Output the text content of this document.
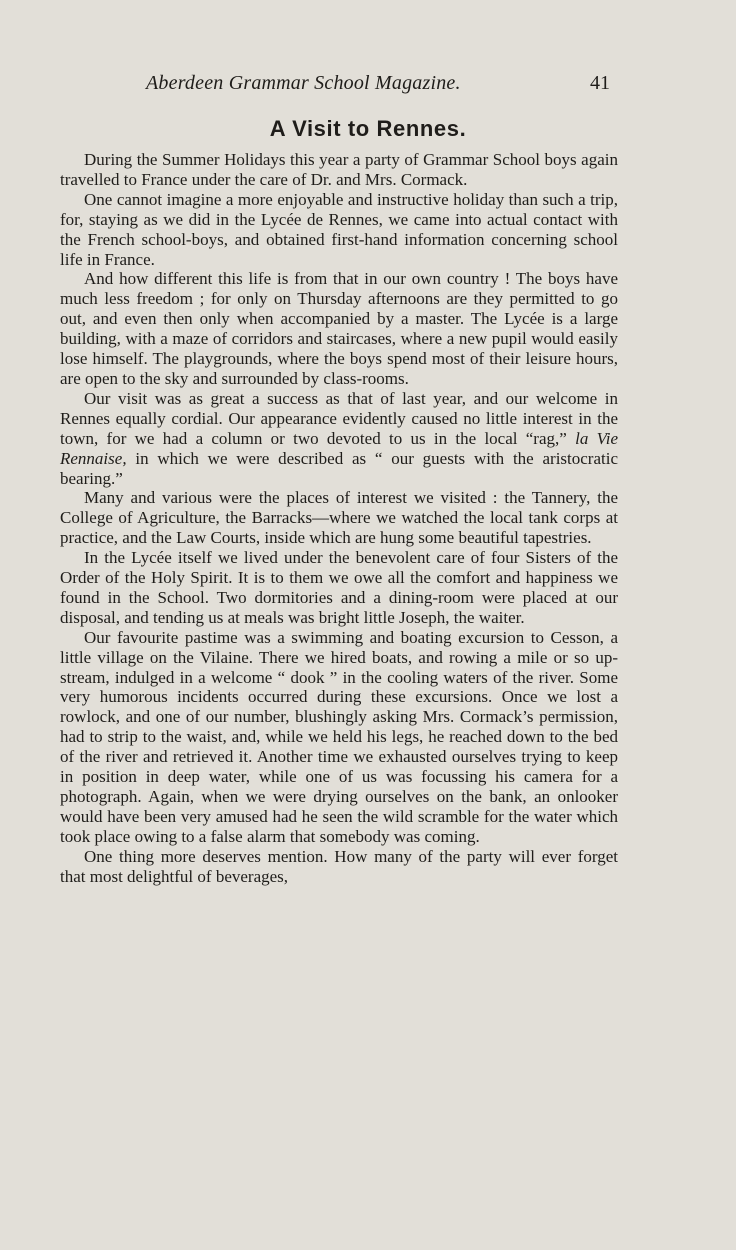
Aberdeen Grammar School Magazine.	41
A Visit to Rennes.

During the Summer Holidays this year a party of Grammar School boys again travelled to France under the care of Dr. and Mrs. Cormack.

One cannot imagine a more enjoyable and instructive holiday than such a trip, for, staying as we did in the Lycée de Rennes, we came into actual contact with the French school-boys, and obtained first-hand information concerning school life in France.

And how different this life is from that in our own country ! The boys have much less freedom ; for only on Thursday afternoons are they permitted to go out, and even then only when accompanied by a master. The Lycée is a large building, with a maze of corridors and staircases, where a new pupil would easily lose himself. The playgrounds, where the boys spend most of their leisure hours, are open to the sky and surrounded by class-rooms.

Our visit was as great a success as that of last year, and our welcome in Rennes equally cordial. Our appearance evidently caused no little interest in the town, for we had a column or two devoted to us in the local “rag,” la Vie Rennaise, in which we were described as “ our guests with the aristocratic bearing.”

Many and various were the places of interest we visited : the Tannery, the College of Agriculture, the Barracks—where we watched the local tank corps at practice, and the Law Courts, inside which are hung some beautiful tapestries.

In the Lycée itself we lived under the benevolent care of four Sisters of the Order of the Holy Spirit. It is to them we owe all the comfort and happiness we found in the School. Two dormitories and a dining-room were placed at our disposal, and tending us at meals was bright little Joseph, the waiter.

Our favourite pastime was a swimming and boating excursion to Cesson, a little village on the Vilaine. There we hired boats, and rowing a mile or so up-stream, indulged in a welcome “ dook ” in the cooling waters of the river. Some very humorous incidents occurred during these excursions. Once we lost a rowlock, and one of our number, blushingly asking Mrs. Cormack’s permission, had to strip to the waist, and, while we held his legs, he reached down to the bed of the river and retrieved it. Another time we exhausted ourselves trying to keep in position in deep water, while one of us was focussing his camera for a photograph. Again, when we were drying ourselves on the bank, an onlooker would have been very amused had he seen the wild scramble for the water which took place owing to a false alarm that somebody was coming.

One thing more deserves mention. How many of the party will ever forget that most delightful of beverages,
